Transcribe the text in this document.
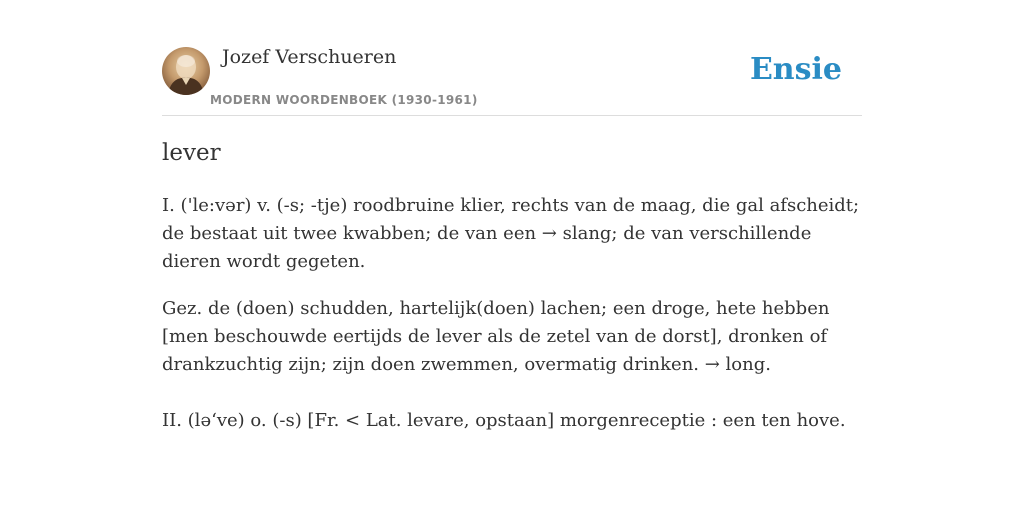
Jozef Verschueren
MODERN WOORDENBOEK (1930-1961)
Ensie
lever

I. ('le:vər) v. (-s; -tje) roodbruine klier, rechts van de maag, die gal afscheidt; de bestaat uit twee kwabben; de van een → slang; de van verschillende dieren wordt gegeten.

Gez. de (doen) schudden, hartelijk(doen) lachen; een droge, hete hebben [men beschouwde eertijds de lever als de zetel van de dorst], dronken of drankzuchtig zijn; zijn doen zwemmen, overmatig drinken. → long.

II. (ləʻve) o. (-s) [Fr. < Lat. levare, opstaan] morgenreceptie : een ten hove.
